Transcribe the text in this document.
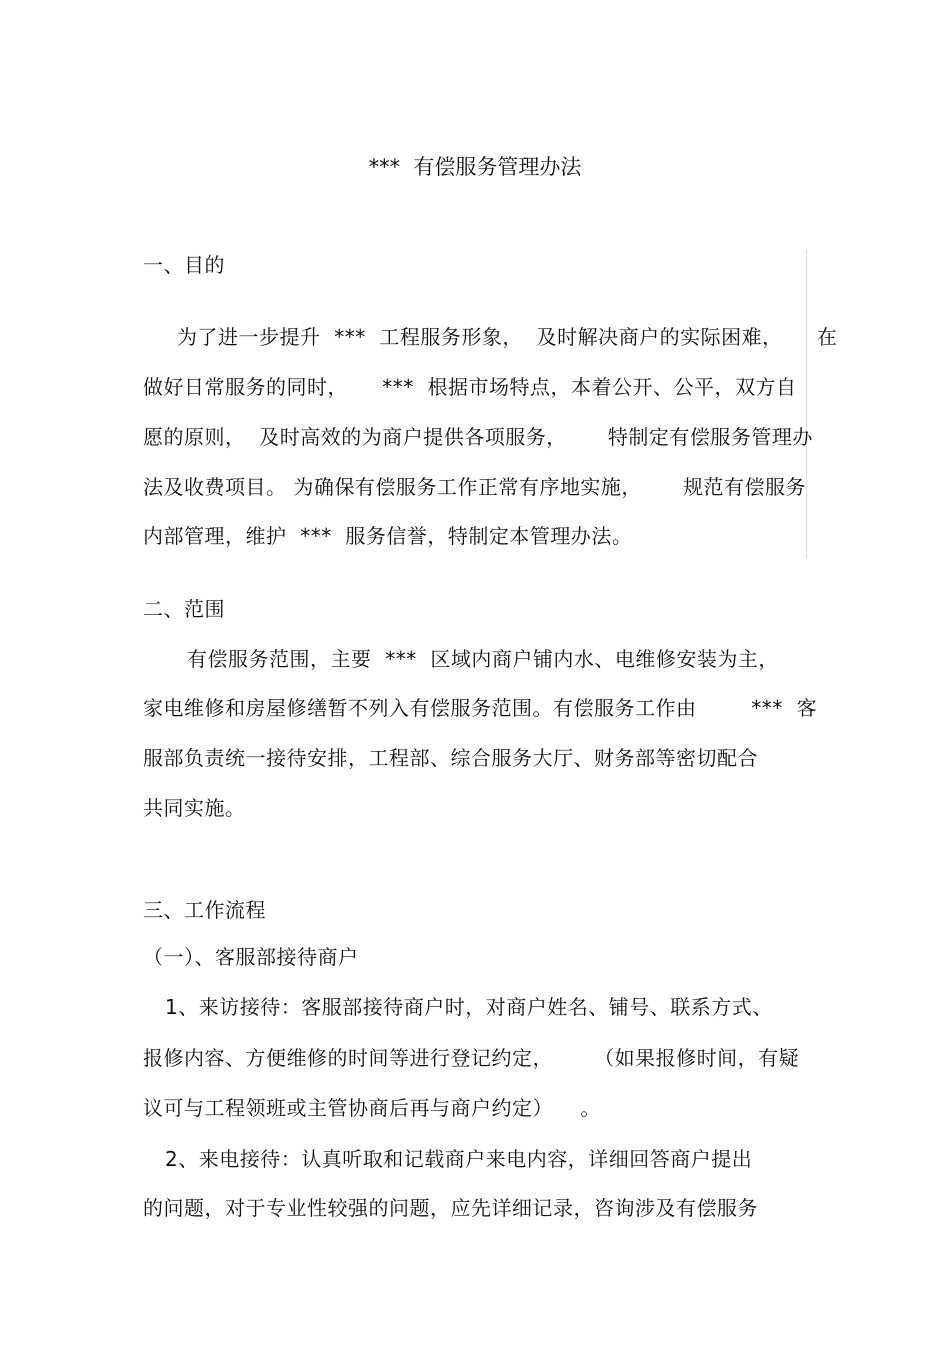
***  有偿服务管理办法
一、目的
为了进一步提升  ***  工程服务形象，  及时解决商户的实际困难，     在
做好日常服务的同时，     ***  根据市场特点，本着公开、公平，双方自
愿的原则，  及时高效的为商户提供各项服务，      特制定有偿服务管理办
法及收费项目。 为确保有偿服务工作正常有序地实施，      规范有偿服务
内部管理，维护  ***  服务信誉，特制定本管理办法。
二、范围
有偿服务范围，主要  ***  区域内商户铺内水、电维修安装为主，
家电维修和房屋修缮暂不列入有偿服务范围。有偿服务工作由        ***  客
服部负责统一接待安排，工程部、综合服务大厅、财务部等密切配合
共同实施。
三、工作流程
（一）、客服部接待商户
1、来访接待：客服部接待商户时，对商户姓名、铺号、联系方式、
报修内容、方便维修的时间等进行登记约定，      （如果报修时间，有疑
议可与工程领班或主管协商后再与商户约定）    。
2、来电接待：认真听取和记载商户来电内容，详细回答商户提出
的问题，对于专业性较强的问题，应先详细记录，咨询涉及有偿服务
